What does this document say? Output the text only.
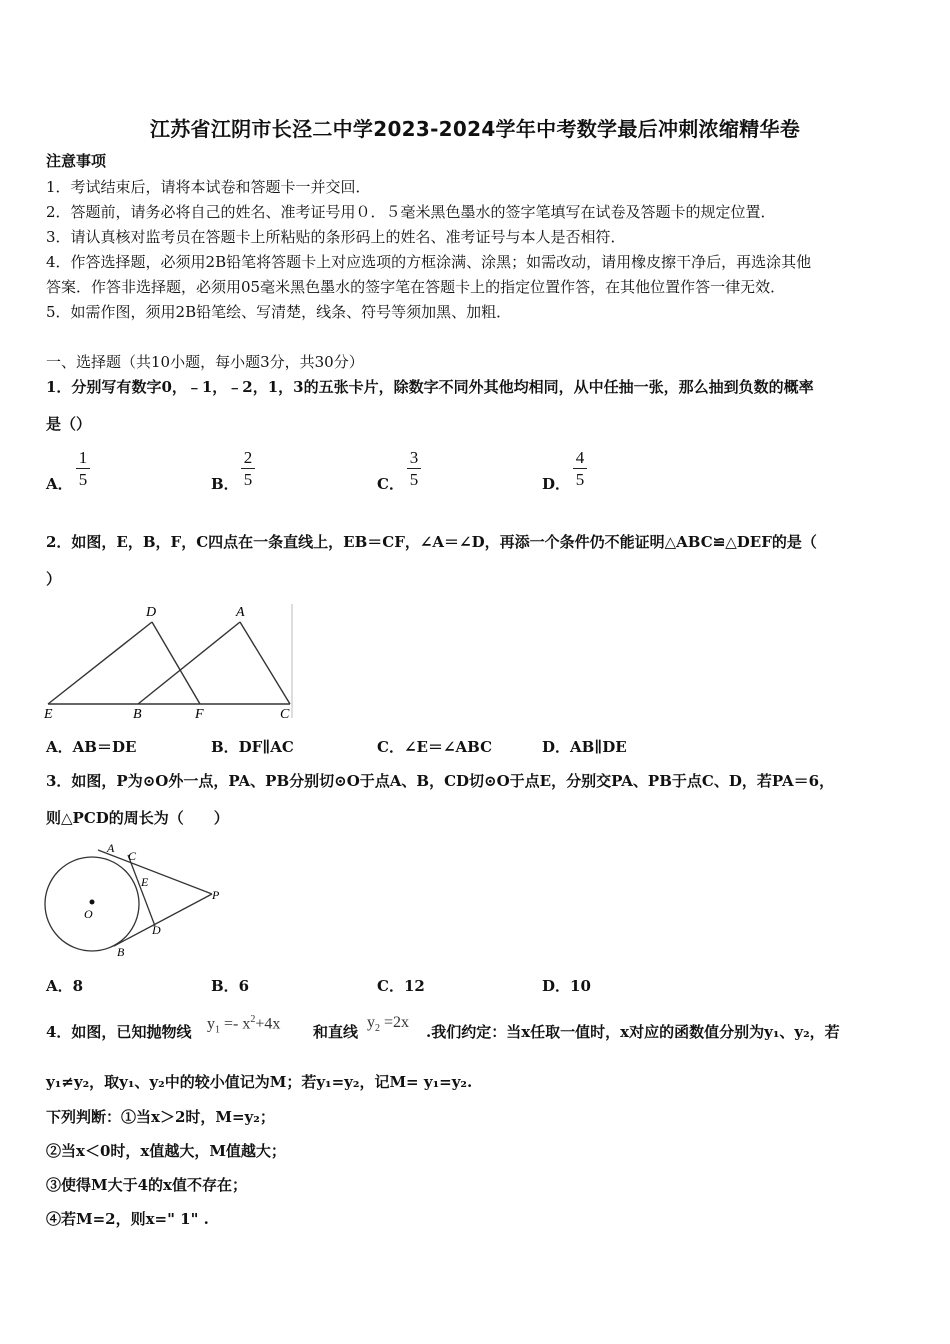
江苏省江阴市长泾二中学2023-2024学年中考数学最后冲刺浓缩精华卷
注意事项
1．考试结束后，请将本试卷和答题卡一并交回．
2．答题前，请务必将自己的姓名、准考证号用０．５毫米黑色墨水的签字笔填写在试卷及答题卡的规定位置．
3．请认真核对监考员在答题卡上所粘贴的条形码上的姓名、准考证号与本人是否相符．
4．作答选择题，必须用2B铅笔将答题卡上对应选项的方框涂满、涂黑；如需改动，请用橡皮擦干净后，再选涂其他
答案．作答非选择题，必须用05毫米黑色墨水的签字笔在答题卡上的指定位置作答，在其他位置作答一律无效．
5．如需作图，须用2B铅笔绘、写清楚，线条、符号等须加黑、加粗．
一、选择题（共10小题，每小题3分，共30分）
1．分别写有数字0，﹣1，﹣2，1，3的五张卡片，除数字不同外其他均相同，从中任抽一张，那么抽到负数的概率
是（）
A．
1
5	B．
2
5	C．
3
5	D．
4
5
2．如图，E，B，F，C四点在一条直线上，EB＝CF，∠A＝∠D，再添一个条件仍不能证明△ABC≌△DEF的是（
）
D	A
E	B	F	C
A．AB＝DE	B．DF∥AC	C．∠E＝∠ABC	D．AB∥DE
3．如图，P为⊙O外一点，PA、PB分别切⊙O于点A、B，CD切⊙O于点E，分别交PA、PB于点C、D，若PA＝6，
则△PCD的周长为（　　）
A
C
E
P
O
D
B
A．8	B．6	C．12	D．10
4．如图，已知抛物线 $y_1 =- x^2+4x$ 和直线
$y_2 =2x$
.我们约定：当x任取一值时，x对应的函数值分别为y₁、y₂，若
y₁≠y₂，取y₁、y₂中的较小值记为M；若y₁=y₂，记M= y₁=y₂.
下列判断：①当x＞2时，M=y₂；
②当x＜0时，x值越大，M值越大；
③使得M大于4的x值不存在；
④若M=2，则x=" 1" .
